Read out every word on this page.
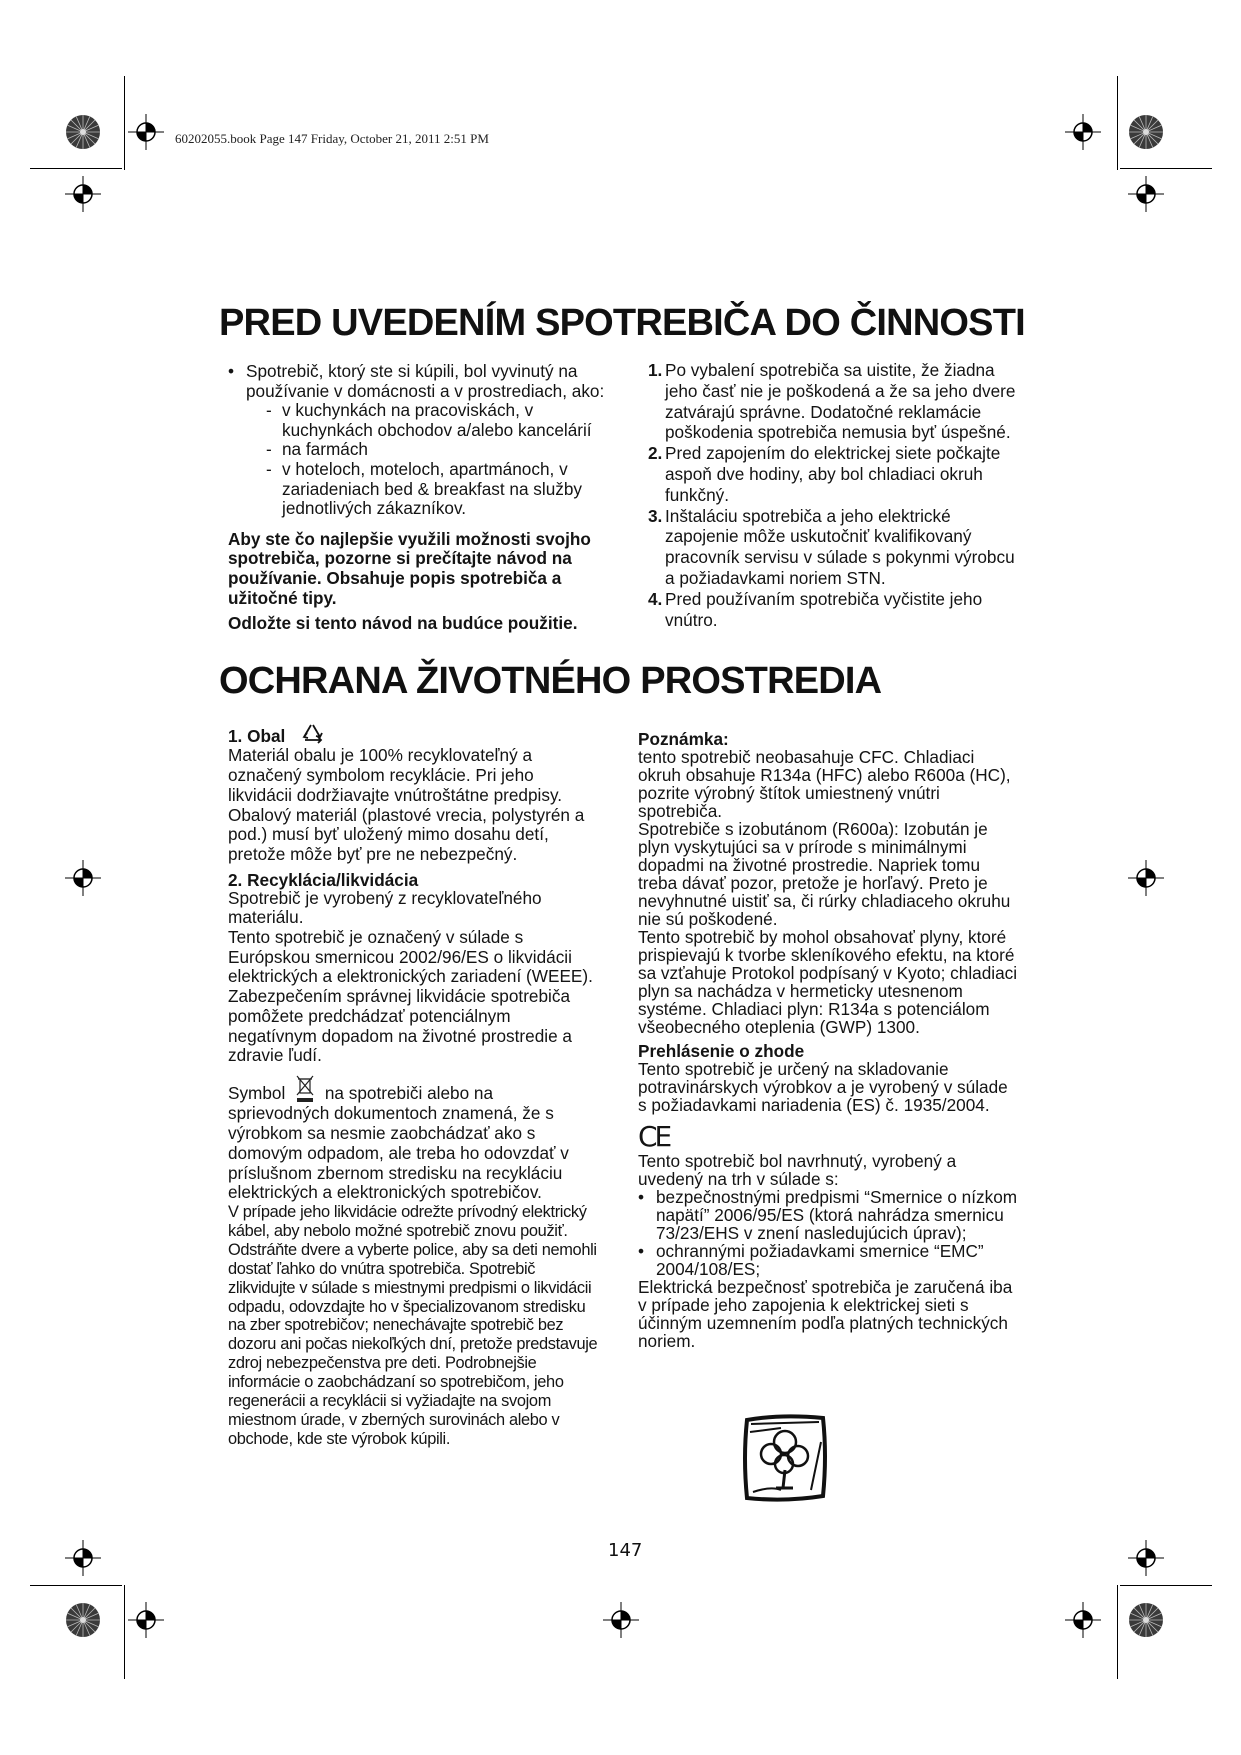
60202055.book Page 147 Friday, October 21, 2011 2:51 PM
PRED UVEDENÍM SPOTREBIČA DO ČINNOSTI
• Spotrebič, ktorý ste si kúpili, bol vyvinutý na používanie v domácnosti a v prostrediach, ako:
- v kuchynkách na pracoviskách, v kuchynkách obchodov a/alebo kancelárií
- na farmách
- v hoteloch, moteloch, apartmánoch, v zariadeniach bed & breakfast na služby jednotlivých zákazníkov.

Aby ste čo najlepšie využili možnosti svojho spotrebiča, pozorne si prečítajte návod na používanie. Obsahuje popis spotrebiča a užitočné tipy.

Odložte si tento návod na budúce použitie.

1. Po vybalení spotrebiča sa uistite, že žiadna jeho časť nie je poškodená a že sa jeho dvere zatvárajú správne. Dodatočné reklamácie poškodenia spotrebiča nemusia byť úspešné.
2. Pred zapojením do elektrickej siete počkajte aspoň dve hodiny, aby bol chladiaci okruh funkčný.
3. Inštaláciu spotrebiča a jeho elektrické zapojenie môže uskutočniť kvalifikovaný pracovník servisu v súlade s pokynmi výrobcu a požiadavkami noriem STN.
4. Pred používaním spotrebiča vyčistite jeho vnútro.
OCHRANA ŽIVOTNÉHO PROSTREDIA

1. Obal

Materiál obalu je 100% recyklovateľný a označený symbolom recyklácie. Pri jeho likvidácii dodržiavajte vnútroštátne predpisy. Obalový materiál (plastové vrecia, polystyrén a pod.) musí byť uložený mimo dosahu detí, pretože môže byť pre ne nebezpečný.

2. Recyklácia/likvidácia

Spotrebič je vyrobený z recyklovateľného materiálu.

Tento spotrebič je označený v súlade s Európskou smernicou 2002/96/ES o likvidácii elektrických a elektronických zariadení (WEEE). Zabezpečením správnej likvidácie spotrebiča pomôžete predchádzať potenciálnym negatívnym dopadom na životné prostredie a zdravie ľudí.

Symbol na spotrebiči alebo na sprievodných dokumentoch znamená, že s výrobkom sa nesmie zaobchádzať ako s domovým odpadom, ale treba ho odovzdať v príslušnom zbernom stredisku na recykláciu elektrických a elektronických spotrebičov.

V prípade jeho likvidácie odrežte prívodný elektrický kábel, aby nebolo možné spotrebič znovu použiť. Odstráňte dvere a vyberte police, aby sa deti nemohli dostať ľahko do vnútra spotrebiča. Spotrebič zlikvidujte v súlade s miestnymi predpismi o likvidácii odpadu, odovzdajte ho v špecializovanom stredisku na zber spotrebičov; nenechávajte spotrebič bez dozoru ani počas niekoľkých dní, pretože predstavuje zdroj nebezpečenstva pre deti. Podrobnejšie informácie o zaobchádzaní so spotrebičom, jeho regenerácii a recyklácii si vyžiadajte na svojom miestnom úrade, v zberných surovinách alebo v obchode, kde ste výrobok kúpili.

Poznámka:

tento spotrebič neobasahuje CFC. Chladiaci okruh obsahuje R134a (HFC) alebo R600a (HC), pozrite výrobný štítok umiestnený vnútri spotrebiča.

Spotrebiče s izobutánom (R600a): Izobután je plyn vyskytujúci sa v prírode s minimálnymi dopadmi na životné prostredie. Napriek tomu treba dávať pozor, pretože je horľavý. Preto je nevyhnutné uistiť sa, či rúrky chladiaceho okruhu nie sú poškodené.

Tento spotrebič by mohol obsahovať plyny, ktoré prispievajú k tvorbe skleníkového efektu, na ktoré sa vzťahuje Protokol podpísaný v Kyoto; chladiaci plyn sa nachádza v hermeticky utesnenom systéme. Chladiaci plyn: R134a s potenciálom všeobecného oteplenia (GWP) 1300.

Prehlásenie o zhode

Tento spotrebič je určený na skladovanie potravinárskych výrobkov a je vyrobený v súlade s požiadavkami nariadenia (ES) č. 1935/2004.

CE

Tento spotrebič bol navrhnutý, vyrobený a uvedený na trh v súlade s:

• bezpečnostnými predpismi “Smernice o nízkom napätí” 2006/95/ES (ktorá nahrádza smernicu 73/23/EHS v znení nasledujúcich úprav);
• ochrannými požiadavkami smernice “EMC” 2004/108/ES;

Elektrická bezpečnosť spotrebiča je zaručená iba v prípade jeho zapojenia k elektrickej sieti s účinným uzemnením podľa platných technických noriem.

147
